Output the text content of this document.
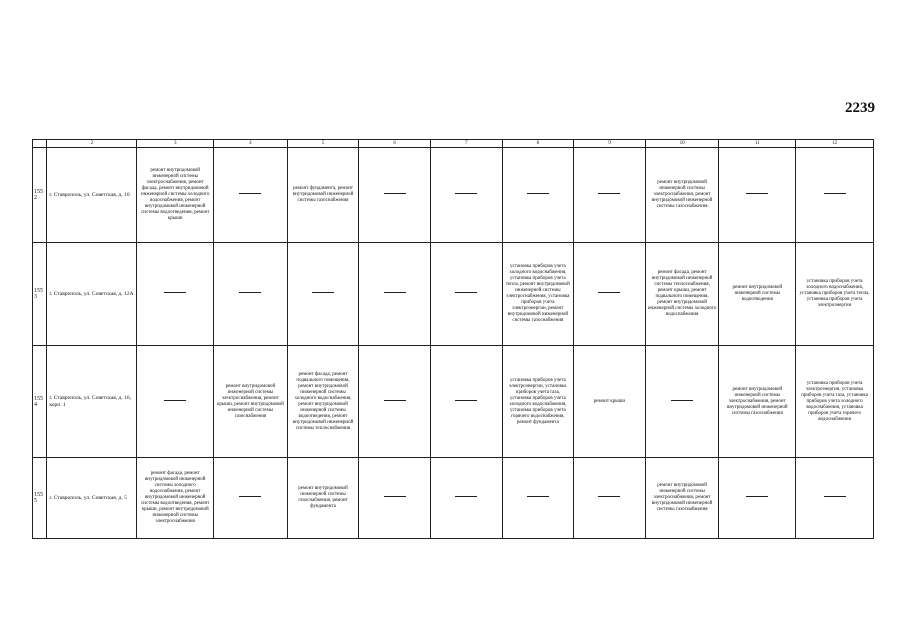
2239
	2	3	4	5	6	7	8	9	10	11	12
1552	г. Ставрополь, ул. Советская, д. 10	ремонт внутридомовой инженерной системы электроснабжения, ремонт фасада, ремонт внутридомовой инженерной системы холодного водоснабжения, ремонт внутридомовой инженерной системы водоотведения, ремонт крыши		ремонт фундамента, ремонт внутридомовой инженерной системы газоснабжения					ремонт внутридомовой инженерной системы электроснабжения, ремонт внутридомовой инженерной системы газоснабжения		
1553	г. Ставрополь, ул. Советская, д. 12А						установка приборов учета холодного водоснабжения, установка приборов учета тепла, ремонт внутридомовой инженерной системы электроснабжения, установка приборов учета электроэнергии, ремонт внутридомовой инженерной системы газоснабжения		ремонт фасада, ремонт внутридомовой инженерной системы теплоснабжения, ремонт крыши, ремонт подвального помещения, ремонт внутридомовой инженерной системы холодного водоснабжения	ремонт внутридомовой инженерной системы водоотведения	установка приборов учета холодного водоснабжения, установка приборов учета тепла, установка приборов учета электроэнергии
1554	г. Ставрополь, ул. Советская, д. 16, корп. 1		ремонт внутридомовой инженерной системы электроснабжения, ремонт крыши, ремонт внутридомовой инженерной системы газоснабжения	ремонт фасада, ремонт подвального помещения, ремонт внутридомовой инженерной системы холодного водоснабжения, ремонт внутридомовой инженерной системы водоотведения, ремонт внутридомовой инженерной системы теплоснабжения			установка приборов учета электроэнергии, установка приборов учета газа, установка приборов учета холодного водоснабжения, установка приборов учета горячего водоснабжения, ремонт фундамента	ремонт крыши		ремонт внутридомовой инженерной системы электроснабжения, ремонт внутридомовой инженерной системы газоснабжения	установка приборов учета электроэнергии, установка приборов учета газа, установка приборов учета холодного водоснабжения, установка приборов учета горячего водоснабжения
1555	г. Ставрополь, ул. Советская, д. 5	ремонт фасада, ремонт внутридомовой инженерной системы холодного водоснабжения, ремонт внутридомовой инженерной системы водоотведения, ремонт крыши, ремонт внутридомовой инженерной системы электроснабжения		ремонт внутридомовой инженерной системы газоснабжения, ремонт фундамента					ремонт внутридомовой инженерной системы электроснабжения, ремонт внутридомовой инженерной системы газоснабжения		
